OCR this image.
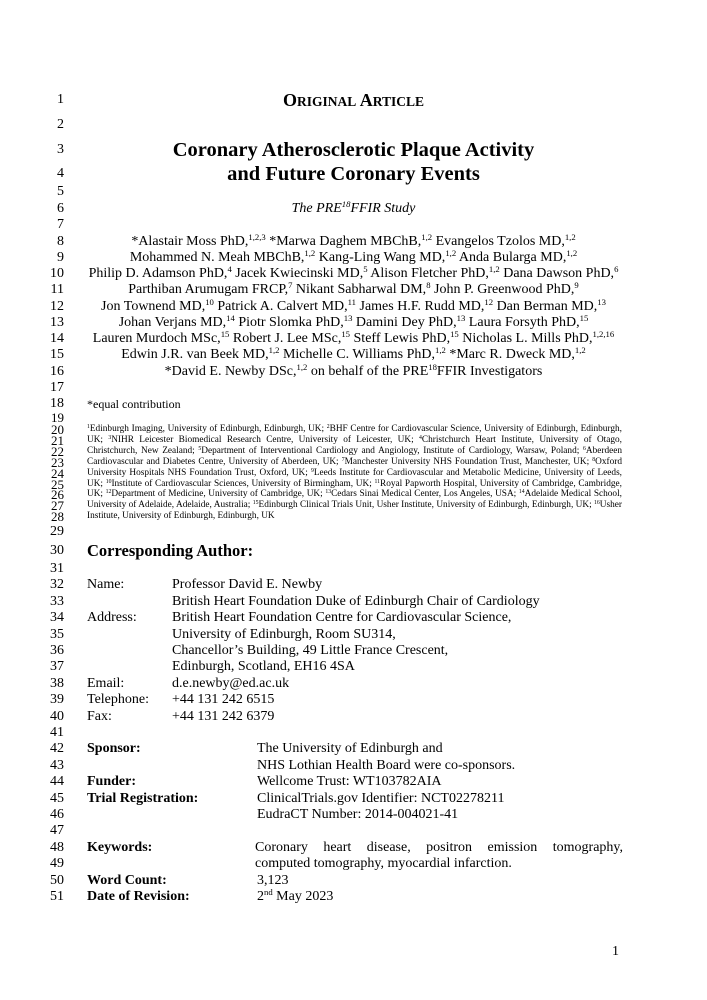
1
2
3
4
5
6
7
8
9
10
11
12
13
14
15
16
17
18
19
20
21
22
23
24
25
26
27
28
29
30
31
32
33
34
35
36
37
38
39
40
41
42
43
44
45
46
47
48
49
50
51
ORIGINAL ARTICLE
Coronary Atherosclerotic Plaque Activity
and Future Coronary Events
The PRE$^{18}$FFIR Study
*Alastair Moss PhD,$^{1,2,3}$ *Marwa Daghem MBChB,$^{1,2}$ Evangelos Tzolos MD,$^{1,2}$
Mohammed N. Meah MBChB,$^{1,2}$ Kang-Ling Wang MD,$^{1,2}$ Anda Bularga MD,$^{1,2}$
Philip D. Adamson PhD,$^4$ Jacek Kwiecinski MD,$^5$ Alison Fletcher PhD,$^{1,2}$ Dana Dawson PhD,$^6$
Parthiban Arumugam FRCP,$^7$ Nikant Sabharwal DM,$^8$ John P. Greenwood PhD,$^9$
Jon Townend MD,$^{10}$ Patrick A. Calvert MD,$^{11}$ James H.F. Rudd MD,$^{12}$ Dan Berman MD,$^{13}$
Johan Verjans MD,$^{14}$ Piotr Slomka PhD,$^{13}$ Damini Dey PhD,$^{13}$ Laura Forsyth PhD,$^{15}$
Lauren Murdoch MSc,$^{15}$ Robert J. Lee MSc,$^{15}$ Steff Lewis PhD,$^{15}$ Nicholas L. Mills PhD,$^{1,2,16}$
Edwin J.R. van Beek MD,$^{1,2}$ Michelle C. Williams PhD,$^{1,2}$ *Marc R. Dweck MD,$^{1,2}$
*David E. Newby DSc,$^{1,2}$ on behalf of the PRE$^{18}$FFIR Investigators
*equal contribution
$^1$Edinburgh Imaging, University of Edinburgh, Edinburgh, UK; $^2$BHF Centre for Cardiovascular Science, University of Edinburgh, Edinburgh, UK; $^3$NIHR Leicester Biomedical Research Centre, University of Leicester, UK; $^4$Christchurch Heart Institute, University of Otago, Christchurch, New Zealand; $^5$Department of Interventional Cardiology and Angiology, Institute of Cardiology, Warsaw, Poland; $^6$Aberdeen Cardiovascular and Diabetes Centre, University of Aberdeen, UK; $^7$Manchester University NHS Foundation Trust, Manchester, UK; $^8$Oxford University Hospitals NHS Foundation Trust, Oxford, UK; $^9$Leeds Institute for Cardiovascular and Metabolic Medicine, University of Leeds, UK; $^{10}$Institute of Cardiovascular Sciences, University of Birmingham, UK; $^{11}$Royal Papworth Hospital, University of Cambridge, Cambridge, UK; $^{12}$Department of Medicine, University of Cambridge, UK; $^{13}$Cedars Sinai Medical Center, Los Angeles, USA; $^{14}$Adelaide Medical School, University of Adelaide, Adelaide, Australia; $^{15}$Edinburgh Clinical Trials Unit, Usher Institute, University of Edinburgh, Edinburgh, UK; $^{16}$Usher Institute, University of Edinburgh, Edinburgh, UK
Corresponding Author:
Name:	Professor David E. Newby
British Heart Foundation Duke of Edinburgh Chair of Cardiology
Address:	British Heart Foundation Centre for Cardiovascular Science,
University of Edinburgh, Room SU314,
Chancellor’s Building, 49 Little France Crescent,
Edinburgh, Scotland, EH16 4SA
Email:	d.e.newby@ed.ac.uk
Telephone: +44 131 242 6515
Fax:	+44 131 242 6379
Sponsor:	The University of Edinburgh and
NHS Lothian Health Board were co-sponsors.
Funder:	Wellcome Trust: WT103782AIA
Trial Registration:	ClinicalTrials.gov Identifier: NCT02278211
EudraCT Number: 2014-004021-41
Keywords:	Coronary heart disease, positron emission tomography,
computed tomography, myocardial infarction.
Word Count:	3,123
Date of Revision:	2nd May 2023
1
